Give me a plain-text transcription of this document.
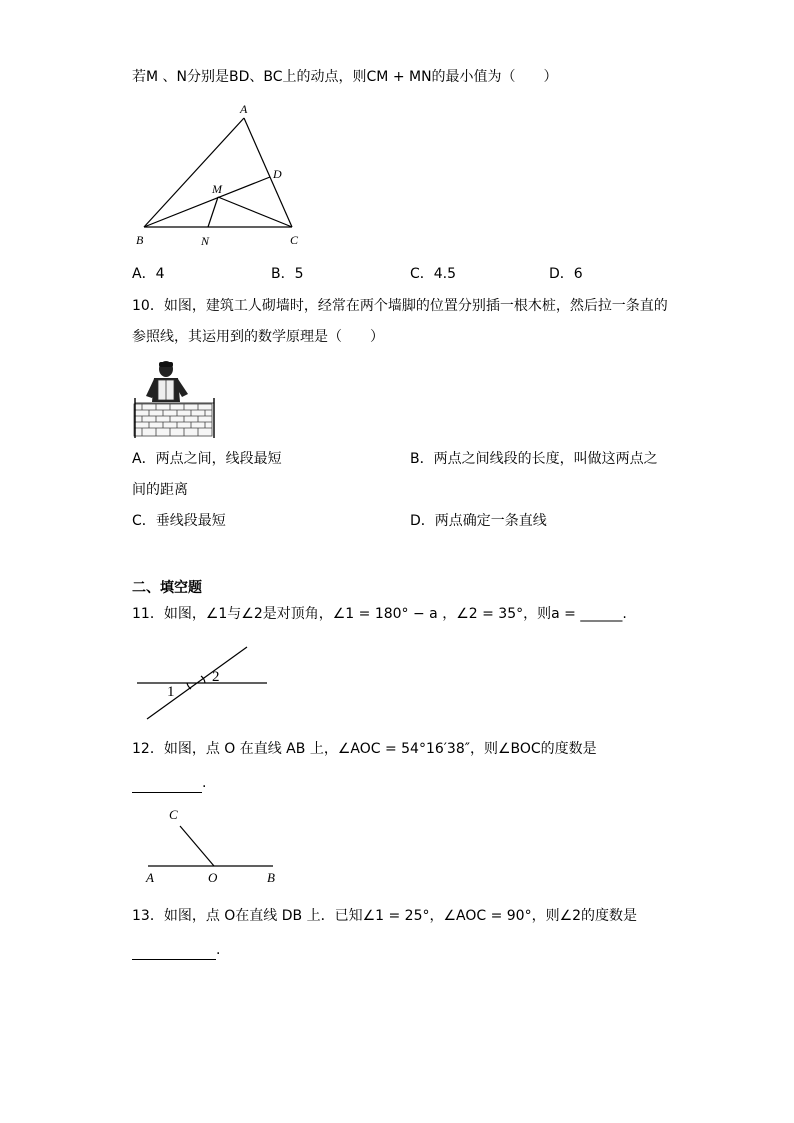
若M 、N分别是BD、BC上的动点，则CM + MN的最小值为（　　）
A
B	C
D
M
N
A．4	B．5	C．4.5	D．6
10．如图，建筑工人砌墙时，经常在两个墙脚的位置分别插一根木桩，然后拉一条直的
参照线，其运用到的数学原理是（　　）
A．两点之间，线段最短	B．两点之间线段的长度，叫做这两点之
间的距离
C．垂线段最短	D．两点确定一条直线
二、填空题
11．如图，∠1与∠2是对顶角，∠1 = 180° − a ，∠2 = 35°，则a = ______.
1
2
12．如图，点 O 在直线 AB 上，∠AOC = 54°16′38″，则∠BOC的度数是
.
C
A	O	B
13．如图，点 O在直线 DB 上．已知∠1 = 25°，∠AOC = 90°，则∠2的度数是
.
